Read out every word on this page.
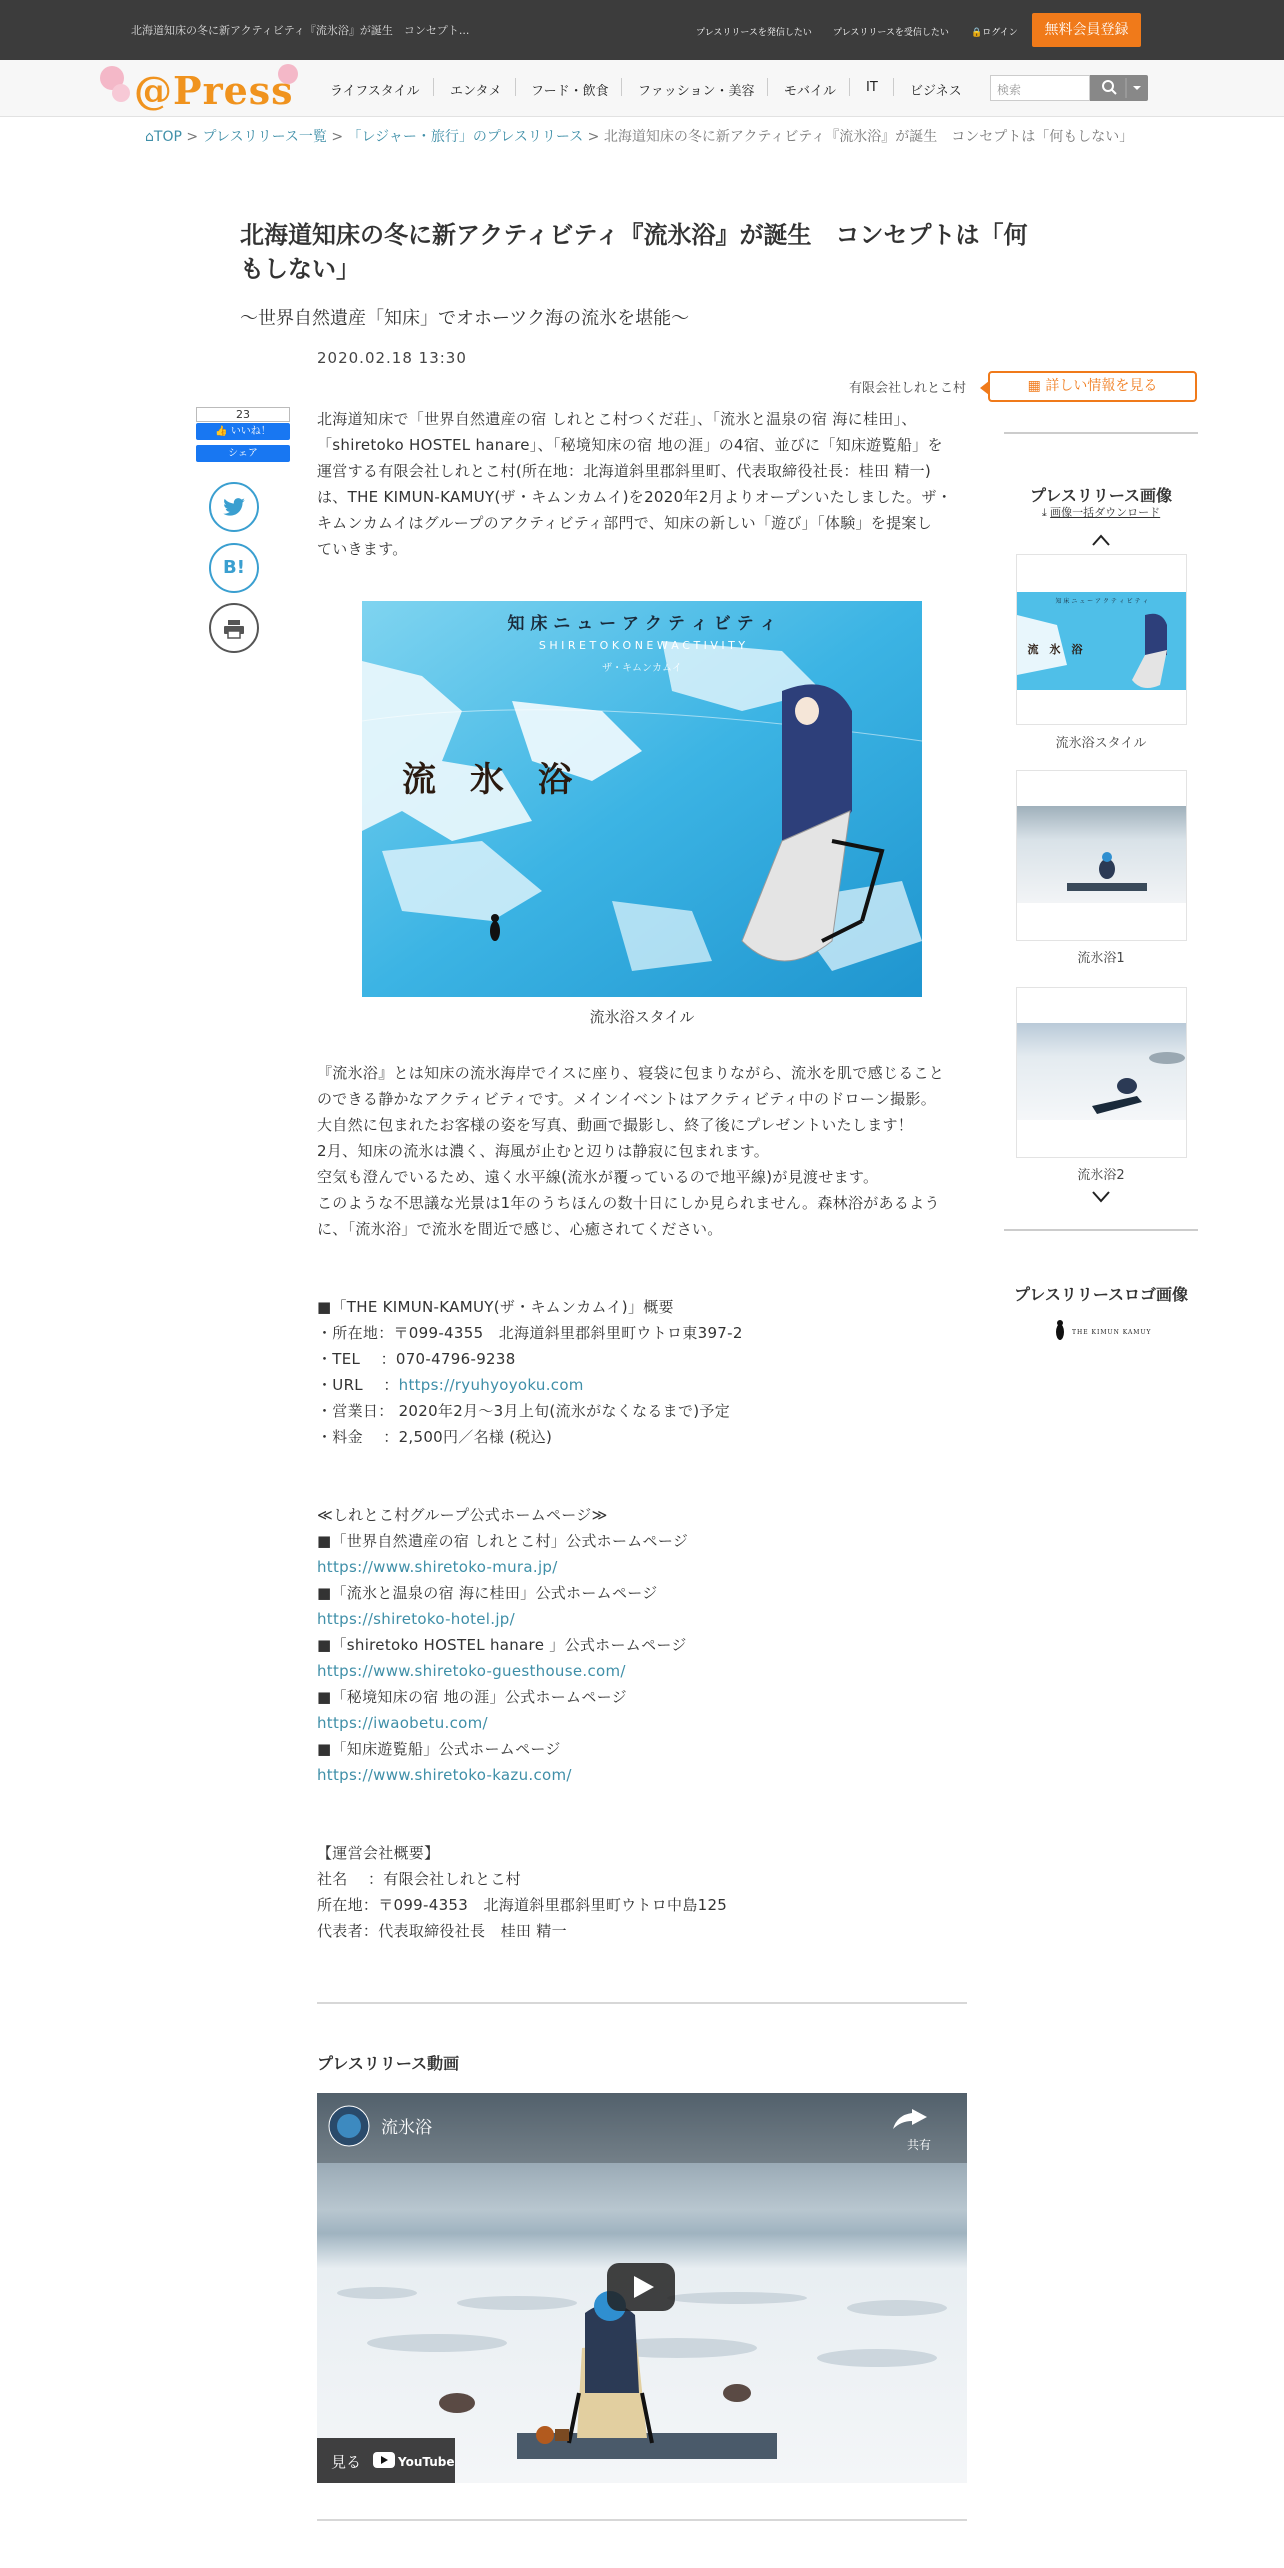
北海道知床の冬に新アクティビティ『流氷浴』が誕生　コンセプト...	プレスリリースを発信したい プレスリリースを受信したい 🔒ログイン	無料会員登録
@Press	ライフスタイル エンタメ フード・飲食 ファッション・美容 モバイル IT ビジネス	検索
⌂TOP > プレスリリース一覧 > 「レジャー・旅行」のプレスリリース > 北海道知床の冬に新アクティビティ『流氷浴』が誕生　コンセプトは「何もしない」
北海道知床の冬に新アクティビティ『流氷浴』が誕生　コンセプトは「何もしない」
～世界自然遺産「知床」でオホーツク海の流氷を堪能～
2020.02.18 13:30
有限会社しれとこ村	▦ 詳しい情報を見る
23
👍 いいね！
シェア
B!
北海道知床で「世界自然遺産の宿 しれとこ村つくだ荘」、「流氷と温泉の宿 海に桂田」、
「shiretoko HOSTEL hanare」、「秘境知床の宿 地の涯」の4宿、並びに「知床遊覧船」を
運営する有限会社しれとこ村(所在地：北海道斜里郡斜里町、代表取締役社長：桂田 精一)
は、THE KIMUN-KAMUY(ザ・キムンカムイ)を2020年2月よりオープンいたしました。ザ・
キムンカムイはグループのアクティビティ部門で、知床の新しい「遊び」「体験」を提案し
ていきます。
知 床 ニ ュ ー ア ク テ ィ ビ テ ィ
S H I R E T O K O N E W A C T I V I T Y
ザ・キムンカムイ
流　氷　浴
流氷浴スタイル
『流氷浴』とは知床の流氷海岸でイスに座り、寝袋に包まりながら、流氷を肌で感じること
のできる静かなアクティビティです。メインイベントはアクティビティ中のドローン撮影。
大自然に包まれたお客様の姿を写真、動画で撮影し、終了後にプレゼントいたします！
2月、知床の流氷は濃く、海風が止むと辺りは静寂に包まれます。
空気も澄んでいるため、遠く水平線(流氷が覆っているので地平線)が見渡せます。
このような不思議な光景は1年のうちほんの数十日にしか見られません。森林浴があるよう
に、「流氷浴」で流氷を間近で感じ、心癒されてください。
■「THE KIMUN-KAMUY(ザ・キムンカムイ)」概要
・所在地：〒099-4355　北海道斜里郡斜里町ウトロ東397-2
・TEL　 ：070-4796-9238
・URL　 ：https://ryuhyoyoku.com
・営業日： 2020年2月～3月上旬(流氷がなくなるまで)予定
・料金　 ：2,500円／名様 (税込)
≪しれとこ村グループ公式ホームページ≫
■「世界自然遺産の宿 しれとこ村」公式ホームページ
https://www.shiretoko-mura.jp/
■「流氷と温泉の宿 海に桂田」公式ホームページ
https://shiretoko-hotel.jp/
■「shiretoko HOSTEL hanare 」公式ホームページ
https://www.shiretoko-guesthouse.com/
■「秘境知床の宿 地の涯」公式ホームページ
https://iwaobetu.com/
■「知床遊覧船」公式ホームページ
https://www.shiretoko-kazu.com/
【運営会社概要】
社名　 ：有限会社しれとこ村
所在地：〒099-4353　北海道斜里郡斜里町ウトロ中島125
代表者：代表取締役社長　桂田 精一
プレスリリース動画
流氷浴
共有
見る	YouTube
プレスリリース画像
⤓ 画像一括ダウンロード
知 床 ニ ュ ー ア ク テ ィ ビ テ ィ
流　氷　浴
流氷浴スタイル
流氷浴1
流氷浴2
プレスリリースロゴ画像
THE KIMUN KAMUY
